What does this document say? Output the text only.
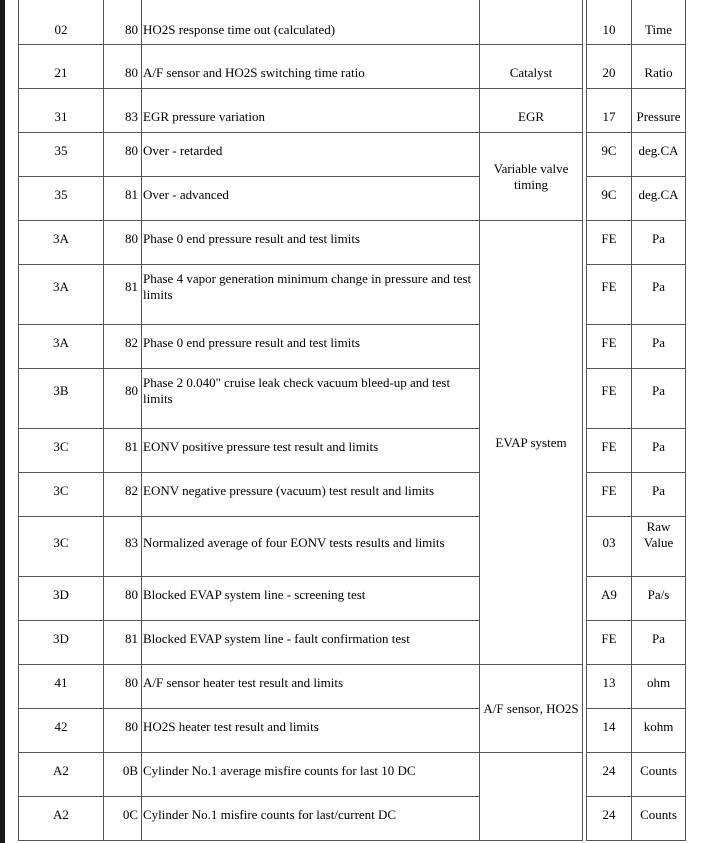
02	80	HO2S response time out (calculated)			10	Time
21	80	A/F sensor and HO2S switching time ratio	Catalyst		20	Ratio
31	83	EGR pressure variation	EGR		17	Pressure
35	80	Over - retarded	Variable valve timing		9C	deg.CA
35	81	Over - advanced			9C	deg.CA
3A	80	Phase 0 end pressure result and test limits	EVAP system		FE	Pa
3A	81	Phase 4 vapor generation minimum change in pressure and test limits			FE	Pa
3A	82	Phase 0 end pressure result and test limits			FE	Pa
3B	80	Phase 2 0.040" cruise leak check vacuum bleed-up and test limits			FE	Pa
3C	81	EONV positive pressure test result and limits			FE	Pa
3C	82	EONV negative pressure (vacuum) test result and limits			FE	Pa
3C	83	Normalized average of four EONV tests results and limits			03	Raw Value
3D	80	Blocked EVAP system line - screening test			A9	Pa/s
3D	81	Blocked EVAP system line - fault confirmation test			FE	Pa
41	80	A/F sensor heater test result and limits	A/F sensor, HO2S		13	ohm
42	80	HO2S heater test result and limits			14	kohm
A2	0B	Cylinder No.1 average misfire counts for last 10 DC			24	Counts
A2	0C	Cylinder No.1 misfire counts for last/current DC			24	Counts
